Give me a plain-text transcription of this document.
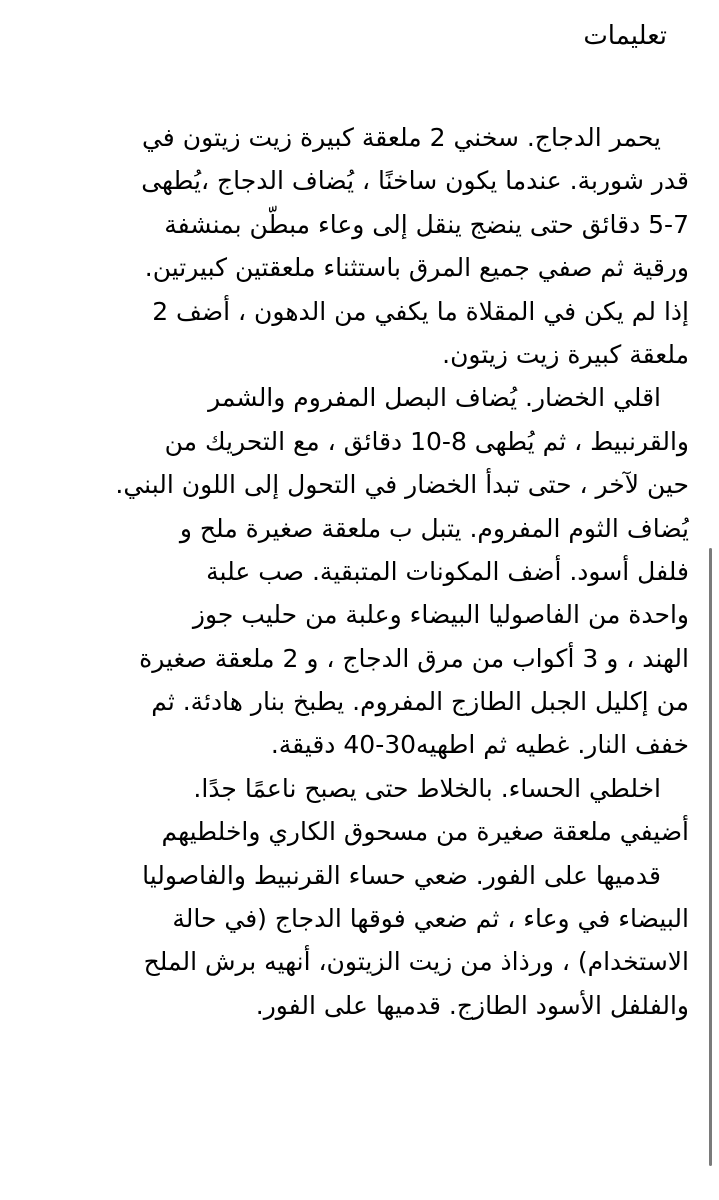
تعليمات
يحمر الدجاج. سخني 2 ملعقة كبيرة زيت زيتون في
قدر شوربة. عندما يكون ساخنًا ، يُضاف الدجاج ،يُطهى
5-7 دقائق حتى ينضج ينقل إلى وعاء مبطّن بمنشفة
ورقية ثم صفي جميع المرق باستثناء ملعقتين كبيرتين.
إذا لم يكن في المقلاة ما يكفي من الدهون ، أضف 2
ملعقة كبيرة زيت زيتون.
اقلي الخضار. يُضاف البصل المفروم والشمر
والقرنبيط ، ثم يُطهى 8-10 دقائق ، مع التحريك من
حين لآخر ، حتى تبدأ الخضار في التحول إلى اللون البني.
يُضاف الثوم المفروم. يتبل ب ملعقة صغيرة ملح و
فلفل أسود. أضف المكونات المتبقية. صب علبة
واحدة من الفاصوليا البيضاء وعلبة من حليب جوز
الهند ، و 3 أكواب من مرق الدجاج ، و 2 ملعقة صغيرة
من إكليل الجبل الطازج المفروم. يطبخ بنار هادئة. ثم
خفف النار. غطيه ثم اطهيه30-40 دقيقة.
اخلطي الحساء. بالخلاط حتى يصبح ناعمًا جدًا.
أضيفي ملعقة صغيرة من مسحوق الكاري واخلطيهم
قدميها على الفور. ضعي حساء القرنبيط والفاصوليا
البيضاء في وعاء ، ثم ضعي فوقها الدجاج (في حالة
الاستخدام) ، ورذاذ من زيت الزيتون، أنهيه برش الملح
والفلفل الأسود الطازج. قدميها على الفور.
